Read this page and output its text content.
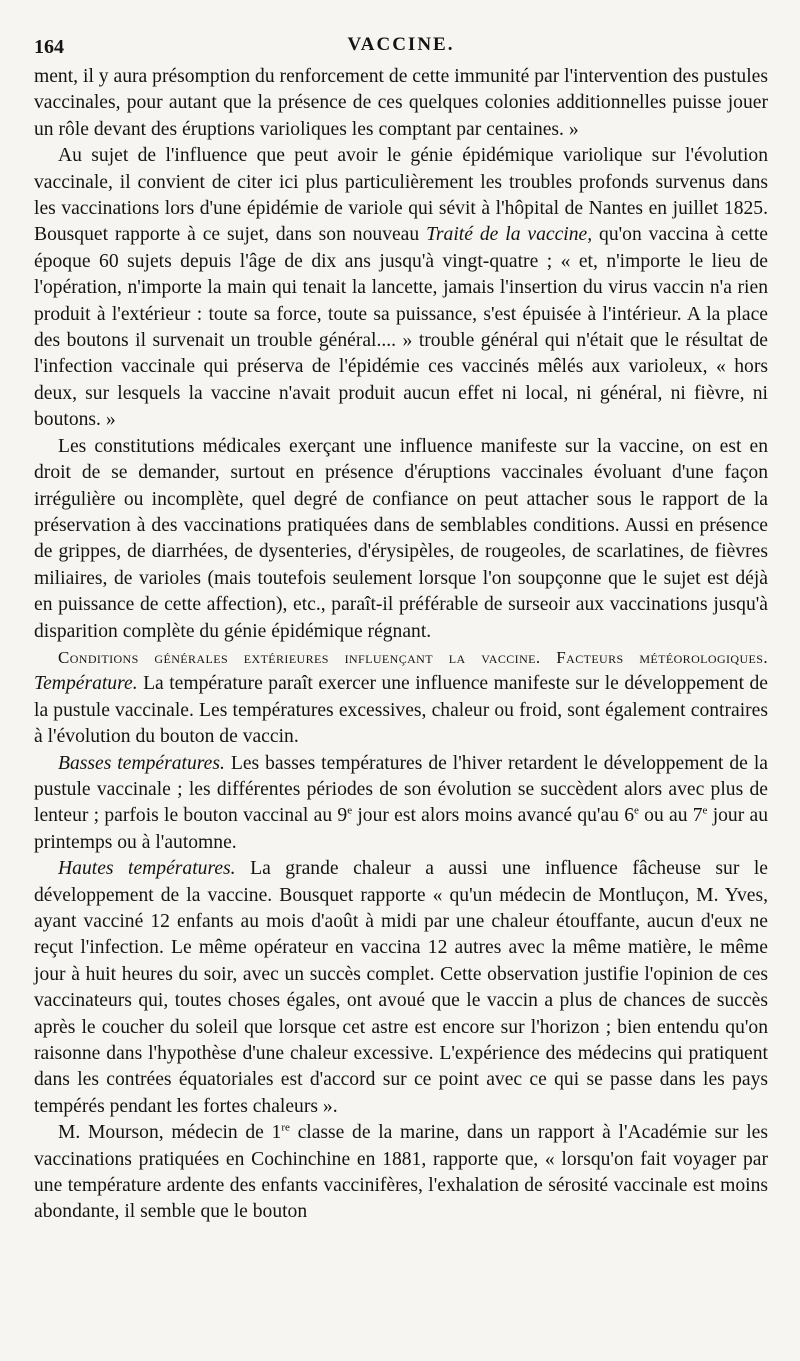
164	VACCINE.

ment, il y aura présomption du renforcement de cette immunité par l'intervention des pustules vaccinales, pour autant que la présence de ces quelques colonies additionnelles puisse jouer un rôle devant des éruptions varioliques les comptant par centaines. »

Au sujet de l'influence que peut avoir le génie épidémique variolique sur l'évolution vaccinale, il convient de citer ici plus particulièrement les troubles profonds survenus dans les vaccinations lors d'une épidémie de variole qui sévit à l'hôpital de Nantes en juillet 1825. Bousquet rapporte à ce sujet, dans son nouveau Traité de la vaccine, qu'on vaccina à cette époque 60 sujets depuis l'âge de dix ans jusqu'à vingt-quatre ; « et, n'importe le lieu de l'opération, n'importe la main qui tenait la lancette, jamais l'insertion du virus vaccin n'a rien produit à l'extérieur : toute sa force, toute sa puissance, s'est épuisée à l'intérieur. A la place des boutons il survenait un trouble général.... » trouble général qui n'était que le résultat de l'infection vaccinale qui préserva de l'épidémie ces vaccinés mêlés aux varioleux, « hors deux, sur lesquels la vaccine n'avait produit aucun effet ni local, ni général, ni fièvre, ni boutons. »

Les constitutions médicales exerçant une influence manifeste sur la vaccine, on est en droit de se demander, surtout en présence d'éruptions vaccinales évoluant d'une façon irrégulière ou incomplète, quel degré de confiance on peut attacher sous le rapport de la préservation à des vaccinations pratiquées dans de semblables conditions. Aussi en présence de grippes, de diarrhées, de dysenteries, d'érysipèles, de rougeoles, de scarlatines, de fièvres miliaires, de varioles (mais toutefois seulement lorsque l'on soupçonne que le sujet est déjà en puissance de cette affection), etc., paraît-il préférable de surseoir aux vaccinations jusqu'à disparition complète du génie épidémique régnant.

Conditions générales extérieures influençant la vaccine. Facteurs météorologiques. Température. La température paraît exercer une influence manifeste sur le développement de la pustule vaccinale. Les températures excessives, chaleur ou froid, sont également contraires à l'évolution du bouton de vaccin.

Basses températures. Les basses températures de l'hiver retardent le développement de la pustule vaccinale ; les différentes périodes de son évolution se succèdent alors avec plus de lenteur ; parfois le bouton vaccinal au 9e jour est alors moins avancé qu'au 6e ou au 7e jour au printemps ou à l'automne.

Hautes températures. La grande chaleur a aussi une influence fâcheuse sur le développement de la vaccine. Bousquet rapporte « qu'un médecin de Montluçon, M. Yves, ayant vacciné 12 enfants au mois d'août à midi par une chaleur étouffante, aucun d'eux ne reçut l'infection. Le même opérateur en vaccina 12 autres avec la même matière, le même jour à huit heures du soir, avec un succès complet. Cette observation justifie l'opinion de ces vaccinateurs qui, toutes choses égales, ont avoué que le vaccin a plus de chances de succès après le coucher du soleil que lorsque cet astre est encore sur l'horizon ; bien entendu qu'on raisonne dans l'hypothèse d'une chaleur excessive. L'expérience des médecins qui pratiquent dans les contrées équatoriales est d'accord sur ce point avec ce qui se passe dans les pays tempérés pendant les fortes chaleurs ».

M. Mourson, médecin de 1re classe de la marine, dans un rapport à l'Académie sur les vaccinations pratiquées en Cochinchine en 1881, rapporte que, « lorsqu'on fait voyager par une température ardente des enfants vaccinifères, l'exhalation de sérosité vaccinale est moins abondante, il semble que le bouton
